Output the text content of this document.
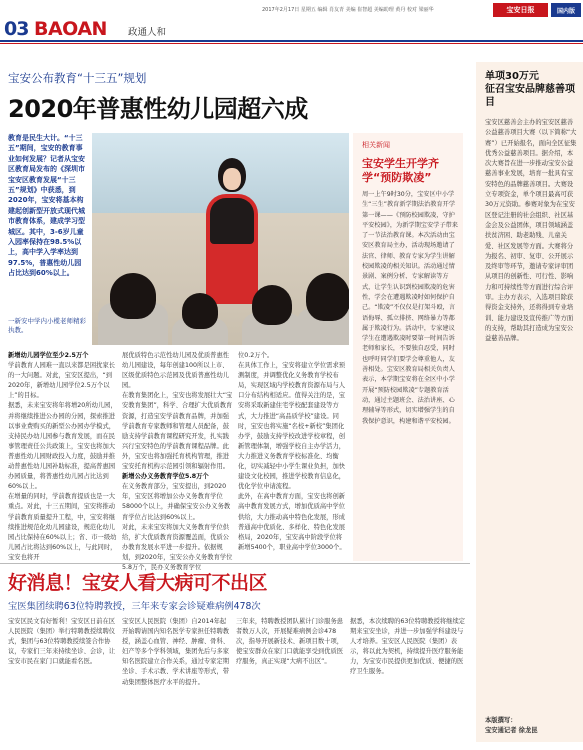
03 BAOAN 政通人和
2017年2月17日 星期五 编辑 肖友青 美编 崔智超 美编助理 黄丹 校对 梁丽华	宝安日报	国内版
宝安公布教育“十三五”规划
2020年普惠性幼儿园超六成
教育是民生大计。“十三五”期间，宝安的教育事业如何发展？记者从宝安区教育局发布的《深圳市宝安区教育发展“十三五”规划》中获悉，到2020年，宝安将基本构建起创新型开放式现代城市教育体系，建成学习型城区。其中，3-6岁儿童入园率保持在98.5%以上，高中学入学率达到97.5%，普惠性幼儿园占比达到60%以上。
一新安中学内小榄老师精彩执教。
新增幼儿园学位至少2.5万个

学前教育人园难一直以来都是困扰家长的一大问题。对此，宝安区提出，“到2020年，新增幼儿园学位2.5万个以上”的目标。

据悉，未来宝安将年将增20所幼儿园，并将继续推进公办园的分园，探索推进以事业费购买的新型公办园办学模式，支持民办幼儿园参与教育发展，而在民事管理责任公共政策上，宝安也将加大普惠性幼儿园财政投入力度，鼓励并推动普惠性幼儿园补助标准，提高普惠园办园质量，将普惠性幼儿园占比达到60%以上。

在增量的同时，学前教育提质也是一大重点。对此，十三五期间，宝安将推动学前教育质量提升工程，中，宝安将继续推进规范化幼儿园建设，规范化幼儿园占比保持在60%以上；省、市一级幼儿园占比将达到60%以上，与此同时，宝安也将开

展优质特色示范性幼儿园及优质普惠性幼儿园建设，每年创建100所以上市、区级优质特色示范园及优质普惠性幼儿园。

在教育集团化上，宝安也将发展壮大“宝安教育集团”，科学、合理扩大优质教育资源，打造宝安学前教育品牌，并加强学前教育专家教师和管理人员配备，鼓励支持学前教育课程研究开发，扎实践兴行宝安特色的学前教育课程品牌。此外，宝安也将加强托育机构管理，推进宝安托育机构示范园引领和辐射作用。

新增公办义务教育学位5.8万个

在义务教育部分，宝安提出，到2020年，宝安区将增加公办义务教育学位58000个以上，并确保宝安公办义务教育学位占比达到60%以上。

对此，未来宝安将加大义务教育学位供给，扩大优质教育资源覆盖面，优质公办教育发展水平进一步提升。依据规划，到2020年，宝安公办义务教育学位5.8万个，民办义务教育学位

位0.2万个。

在具体工作上，宝安将建立学位需求预测制度，并调整优化义务教育学校布局，实现区域内学校教育资源布局与人口分布结构相适应。值得关注的是，宝安将采取新建住宅学校配套建设等方式，大力推进“高品质学校”建设。同时，宝安也将实施“名校+新校”集团化办学，鼓励支持学校改进学校章程，创新管理体制，增强学校自主办学活力，大力推进义务教育学校标准化、均衡化，切实减轻中小学生课业负担，加快建设文化校园，推进学校教育信息化，优化学位申请流程。

此外，在高中教育方面，宝安也将创新高中教育发展方式，增加优质高中学位供给，大力推动高中特色化发展，形成普通高中优质化、多样化、特色化发展格局，2020年，宝安高中阶段学位将新增5400个，职业高中学位3000个。

相关新闻
宝安学生开学齐学“预防欺凌”
周一上午9时30分，宝安区中小学生“三生”教育新学期法治教育开学第一课——《预防校园欺凌，守护平安校园》，为新学期宝安学子带来了一节法治教育课。本次活动由宝安区教育局主办，活动现场邀请了法官、律师、教育专家为学生讲解校园欺凌的相关知识。活动通过情景剧、案例分析、专家解读等方式，让学生认识到校园欺凌的危害性，学会在遭遇欺凌时如何保护自己。“欺凌”不仅仅是打架斗殴，言语侮辱、孤立排挤、网络暴力等都属于欺凌行为。活动中，专家建议学生在遭遇欺凌时要第一时间告诉老师和家长，不要独自忍受，同时也呼吁同学们要学会尊重他人，友善相处。宝安区教育局相关负责人表示，本学期宝安将在全区中小学开展“预防校园欺凌”专题教育活动，通过主题班会、法治讲座、心理辅导等形式，切实增强学生的自我保护意识，构建和谐平安校园。
单项30万元
征召宝安品牌慈善项目
宝安区慈善会主办的宝安区慈善公益慈善项目大赛（以下简称“大赛”）已开始报名，面向全区征集优秀公益慈善项目。据介绍，本次大赛旨在进一步推动宝安公益慈善事业发展，培育一批具有宝安特色的品牌慈善项目。大赛设立专项资金，单个项目最高可获30万元资助。参赛对象为在宝安区登记注册的社会组织、社区基金会及公益团体，项目领域涵盖扶贫济困、助老助残、儿童关爱、社区发展等方面。大赛将分为报名、初审、复审、公开展示及终审等环节，邀请专家评审团从项目的创新性、可行性、影响力和可持续性等方面进行综合评审。主办方表示，入选项目除获得资金支持外，还将得到专业培训、能力建设及宣传推广等方面的支持，帮助其打造成为宝安公益慈善品牌。
本版撰写：
宝安通记者 徐龙昆
好消息！宝安人看大病可不出区
宝医集团续聘63位特聘教授，三年来专家会诊疑难病例478次
宝安区民文有好暂利！宝安区日前在区人民医院（集团）举行特聘教授续聘仪式，集团与63位特聘教授续签合作协议，专家们三年来持续坐诊、会诊，让宝安市民在家门口就能看名医。
宝安区人民医院（集团）自2014年起开始聘请国内知名医学专家担任特聘教授，涵盖心血管、神经、肿瘤、骨科、妇产等多个学科领域，集团先后与多家知名医院建立合作关系，通过专家定期坐诊、手术示教、学术讲座等形式，带动集团整体医疗水平的提升。
三年来，特聘教授团队累计门诊服务患者数万人次，开展疑难病例会诊478次，指导开展新技术、新项目数十项，使宝安群众在家门口就能享受到优质医疗服务，真正实现“大病不出区”。
据悉，本次续聘的63位特聘教授将继续定期来宝安坐诊，并进一步加强学科建设与人才培养。宝安区人民医院（集团）表示，将以此为契机，持续提升医疗服务能力，为宝安市民提供更加优质、便捷的医疗卫生服务。
